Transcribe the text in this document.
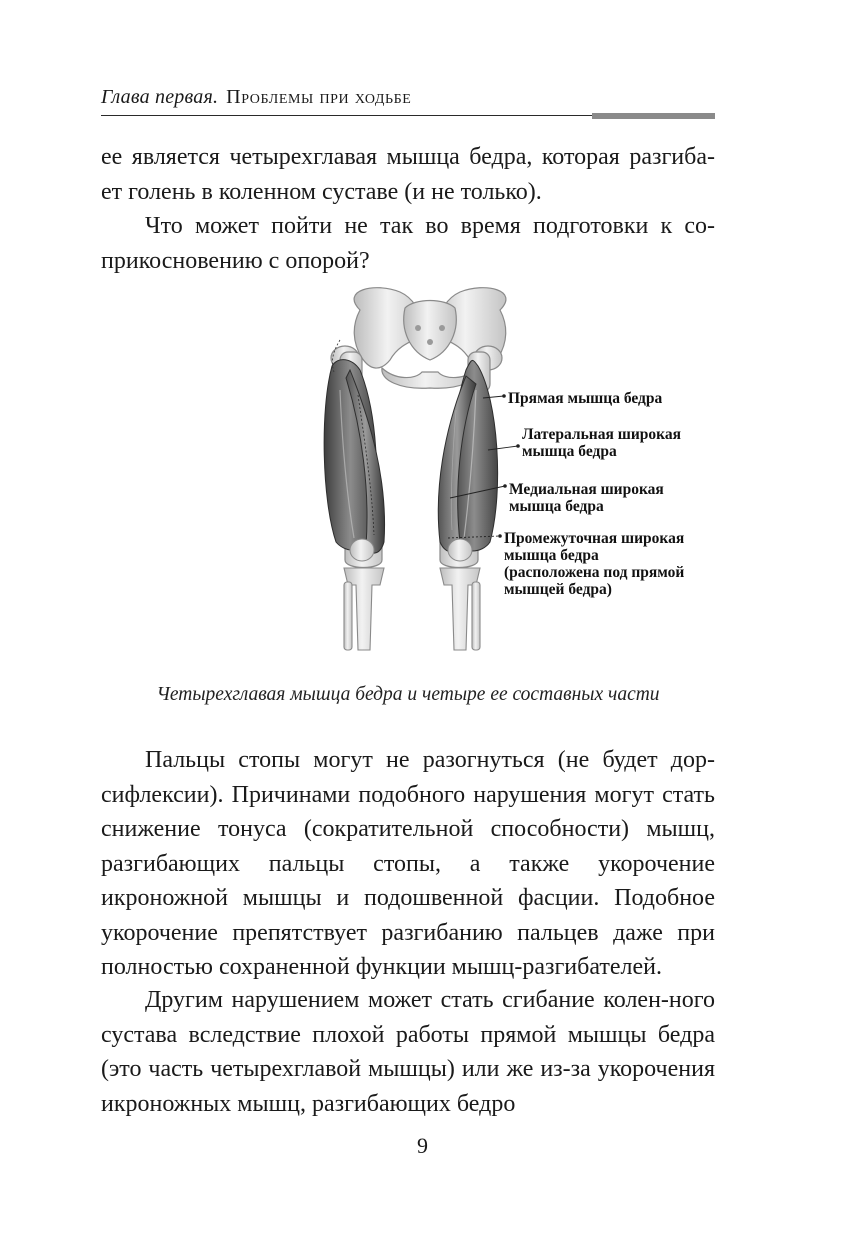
Глава первая. Проблемы при ходьбе

ее является четырехглавая мышца бедра, которая разгиба-ет голень в коленном суставе (и не только).

Что может пойти не так во время подготовки к со-прикосновению с опорой?

Прямая мышца бедра
Латеральная широкая
мышца бедра
Медиальная широкая
мышца бедра
Промежуточная широкая
мышца бедра
(расположена под прямой
мышцей бедра)

Четырехглавая мышца бедра и четыре ее составных части

Пальцы стопы могут не разогнуться (не будет дор-сифлексии). Причинами подобного нарушения могут стать снижение тонуса (сократительной способности) мышц, разгибающих пальцы стопы, а также укорочение икроножной мышцы и подошвенной фасции. Подобное укорочение препятствует разгибанию пальцев даже при полностью сохраненной функции мышц-разгибателей.

Другим нарушением может стать сгибание колен-ного сустава вследствие плохой работы прямой мышцы бедра (это часть четырехглавой мышцы) или же из-за укорочения икроножных мышц, разгибающих бедро

9
